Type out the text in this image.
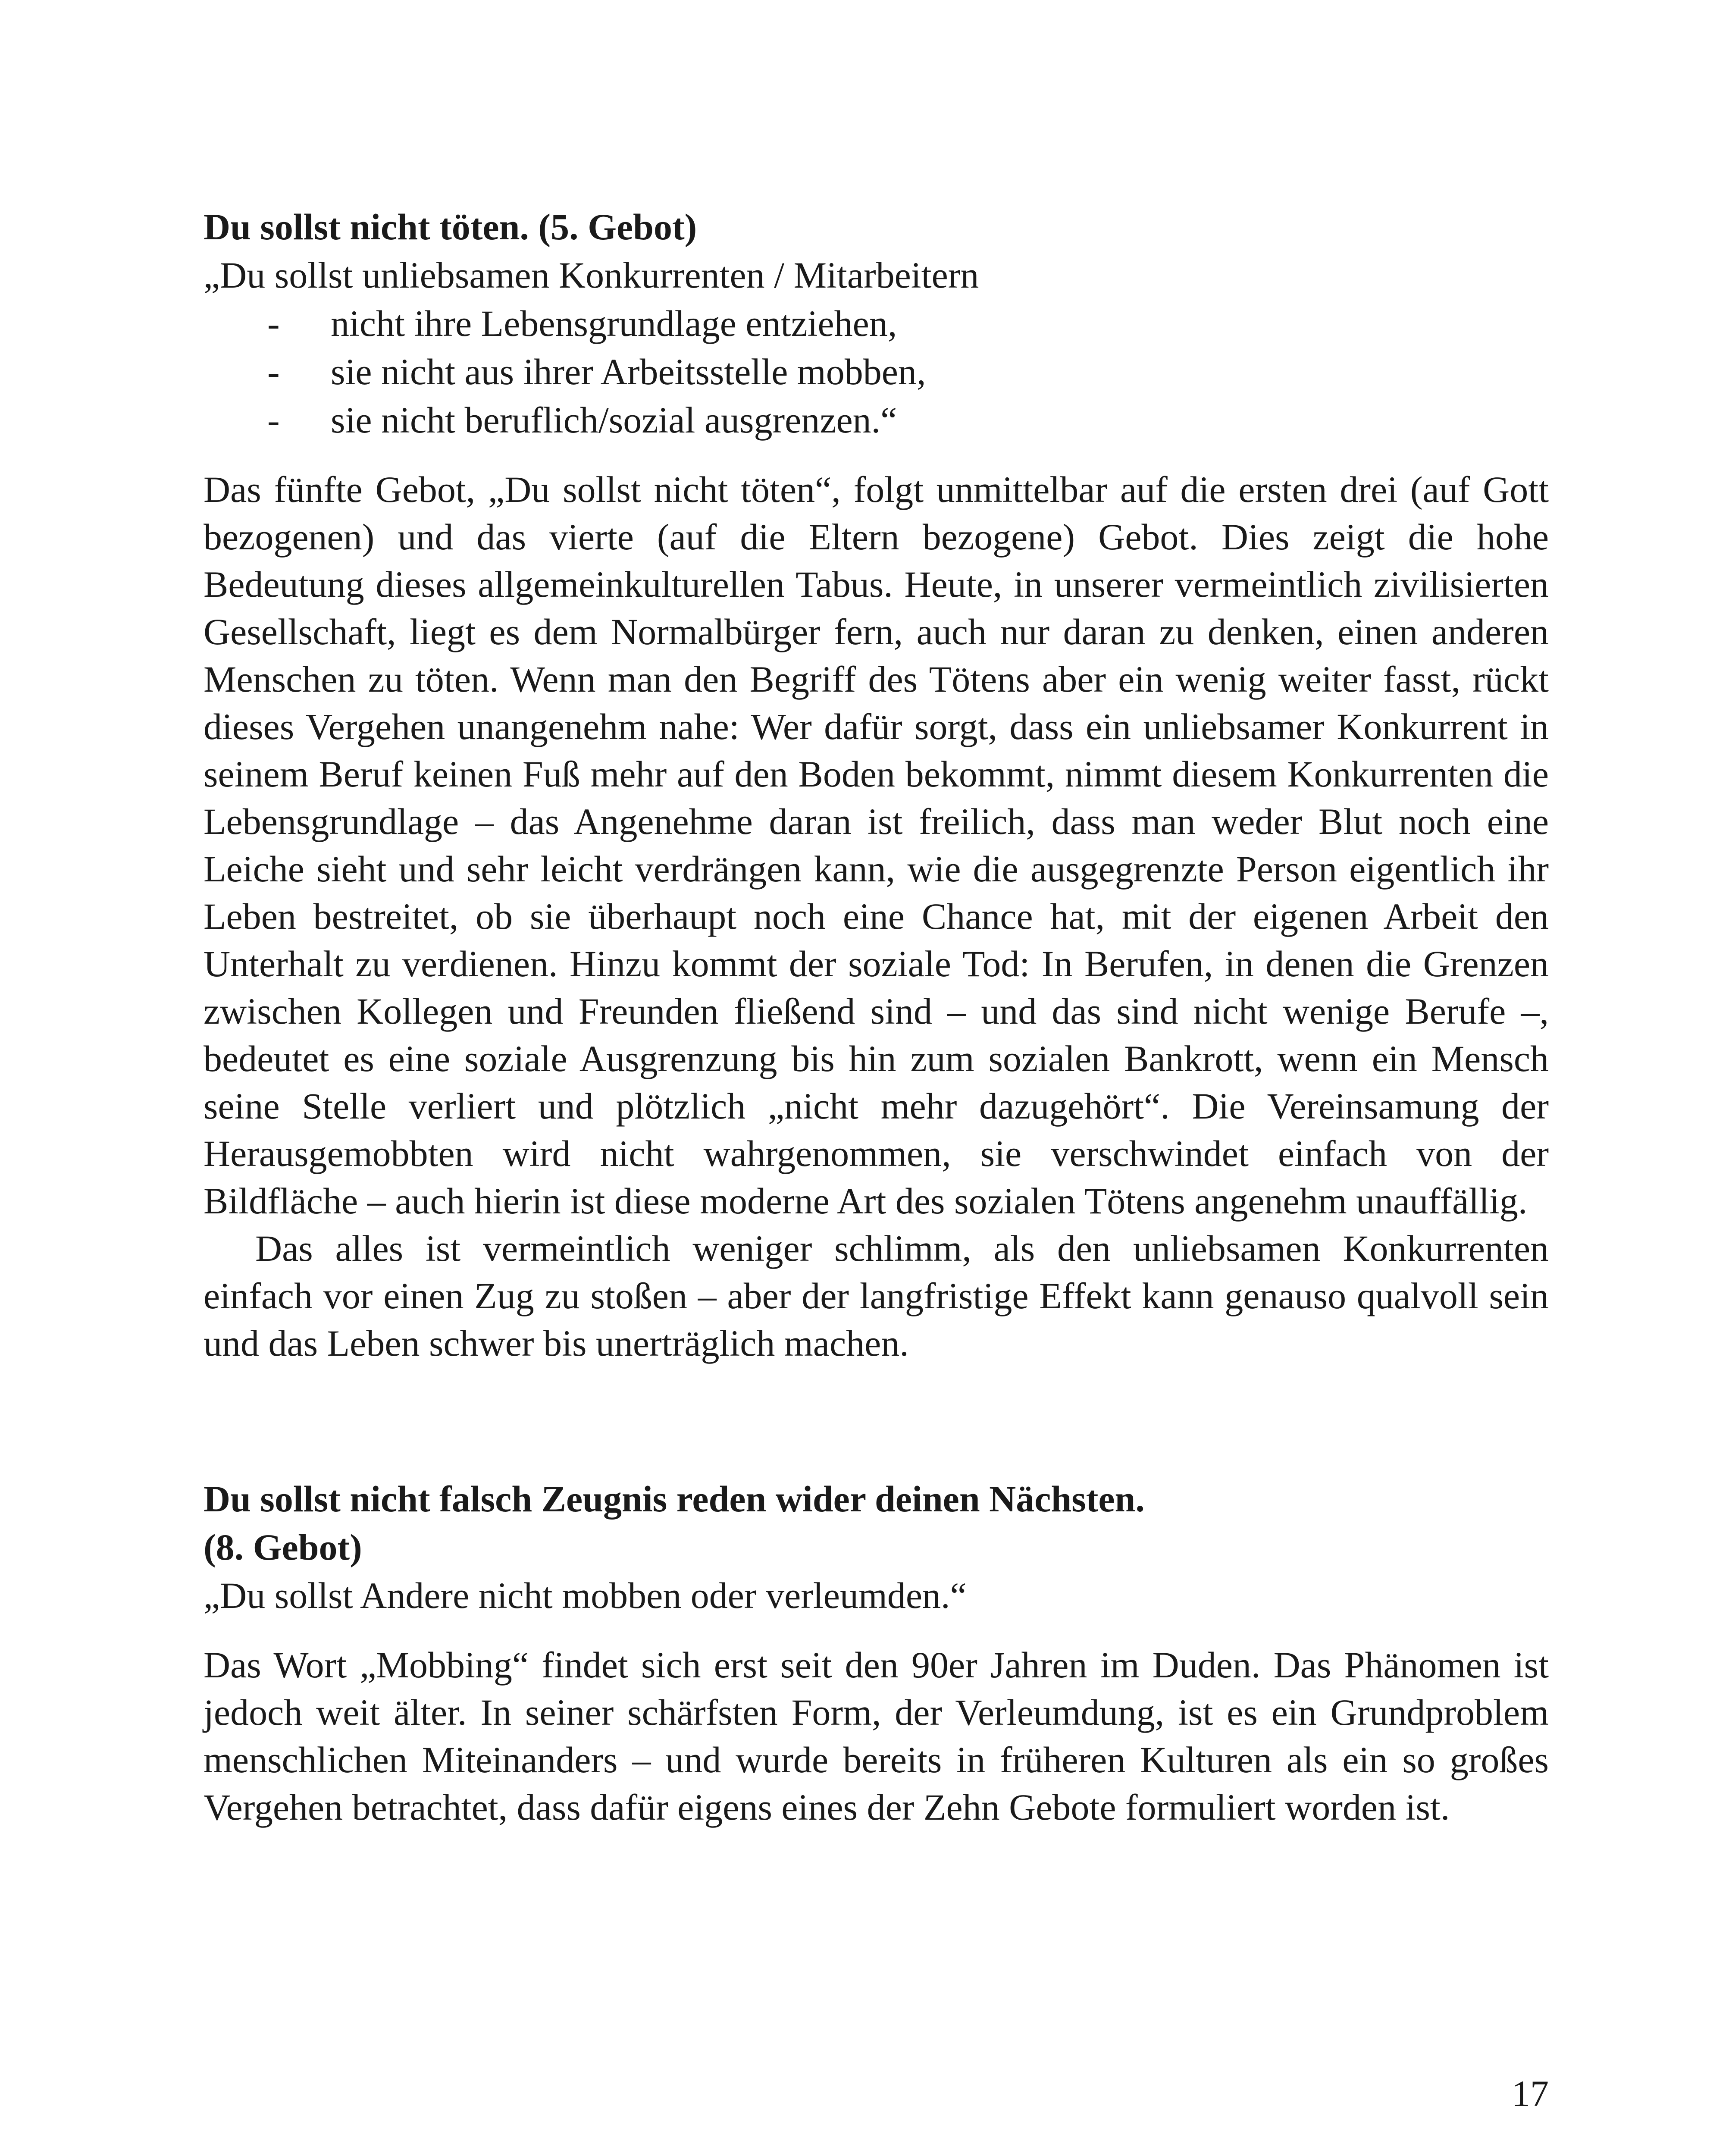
Du sollst nicht töten. (5. Gebot)

„Du sollst unliebsamen Konkurrenten / Mitarbeitern

- nicht ihre Lebensgrundlage entziehen,
- sie nicht aus ihrer Arbeitsstelle mobben,
- sie nicht beruflich/sozial ausgrenzen.“

Das fünfte Gebot, „Du sollst nicht töten“, folgt unmittelbar auf die ersten drei (auf Gott bezogenen) und das vierte (auf die Eltern bezogene) Gebot. Dies zeigt die hohe Bedeutung dieses allgemeinkulturellen Tabus. Heute, in unserer vermeintlich zivilisierten Gesellschaft, liegt es dem Normalbürger fern, auch nur daran zu denken, einen anderen Menschen zu töten. Wenn man den Begriff des Tötens aber ein wenig weiter fasst, rückt dieses Vergehen unangenehm nahe: Wer dafür sorgt, dass ein unliebsamer Konkurrent in seinem Beruf keinen Fuß mehr auf den Boden bekommt, nimmt diesem Konkurrenten die Lebensgrundlage – das Angenehme daran ist freilich, dass man weder Blut noch eine Leiche sieht und sehr leicht verdrängen kann, wie die ausgegrenzte Person eigentlich ihr Leben bestreitet, ob sie überhaupt noch eine Chance hat, mit der eigenen Arbeit den Unterhalt zu verdienen. Hinzu kommt der soziale Tod: In Berufen, in denen die Grenzen zwischen Kollegen und Freunden fließend sind – und das sind nicht wenige Berufe –, bedeutet es eine soziale Ausgrenzung bis hin zum sozialen Bankrott, wenn ein Mensch seine Stelle verliert und plötzlich „nicht mehr dazugehört“. Die Vereinsamung der Herausgemobbten wird nicht wahrgenommen, sie verschwindet einfach von der Bildfläche – auch hierin ist diese moderne Art des sozialen Tötens angenehm unauffällig.

Das alles ist vermeintlich weniger schlimm, als den unliebsamen Konkurrenten einfach vor einen Zug zu stoßen – aber der langfristige Effekt kann genauso qualvoll sein und das Leben schwer bis unerträglich machen.

Du sollst nicht falsch Zeugnis reden wider deinen Nächsten.

(8. Gebot)

„Du sollst Andere nicht mobben oder verleumden.“

Das Wort „Mobbing“ findet sich erst seit den 90er Jahren im Duden. Das Phänomen ist jedoch weit älter. In seiner schärfsten Form, der Verleumdung, ist es ein Grundproblem menschlichen Miteinanders – und wurde bereits in früheren Kulturen als ein so großes Vergehen betrachtet, dass dafür eigens eines der Zehn Gebote formuliert worden ist.

17
